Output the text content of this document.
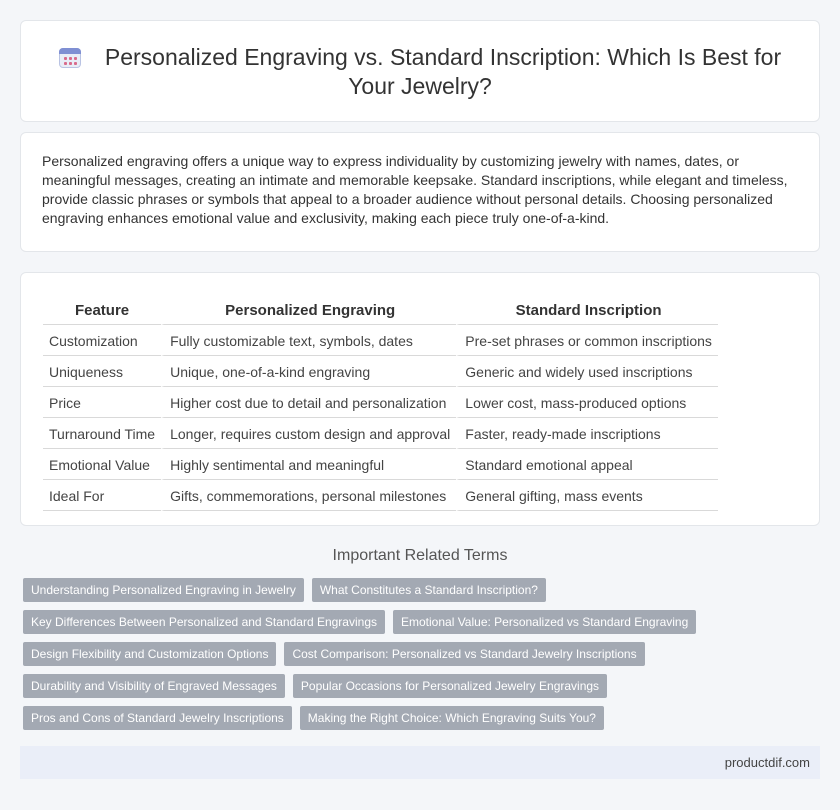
Personalized Engraving vs. Standard Inscription: Which Is Best for Your Jewelry?

Personalized engraving offers a unique way to express individuality by customizing jewelry with names, dates, or meaningful messages, creating an intimate and memorable keepsake. Standard inscriptions, while elegant and timeless, provide classic phrases or symbols that appeal to a broader audience without personal details. Choosing personalized engraving enhances emotional value and exclusivity, making each piece truly one-of-a-kind.

Feature	Personalized Engraving	Standard Inscription
Customization	Fully customizable text, symbols, dates	Pre-set phrases or common inscriptions
Uniqueness	Unique, one-of-a-kind engraving	Generic and widely used inscriptions
Price	Higher cost due to detail and personalization	Lower cost, mass-produced options
Turnaround Time	Longer, requires custom design and approval	Faster, ready-made inscriptions
Emotional Value	Highly sentimental and meaningful	Standard emotional appeal
Ideal For	Gifts, commemorations, personal milestones	General gifting, mass events
Important Related Terms
Understanding Personalized Engraving in Jewelry	What Constitutes a Standard Inscription?
Key Differences Between Personalized and Standard Engravings	Emotional Value: Personalized vs Standard Engraving
Design Flexibility and Customization Options	Cost Comparison: Personalized vs Standard Jewelry Inscriptions
Durability and Visibility of Engraved Messages	Popular Occasions for Personalized Jewelry Engravings
Pros and Cons of Standard Jewelry Inscriptions	Making the Right Choice: Which Engraving Suits You?
productdif.com
